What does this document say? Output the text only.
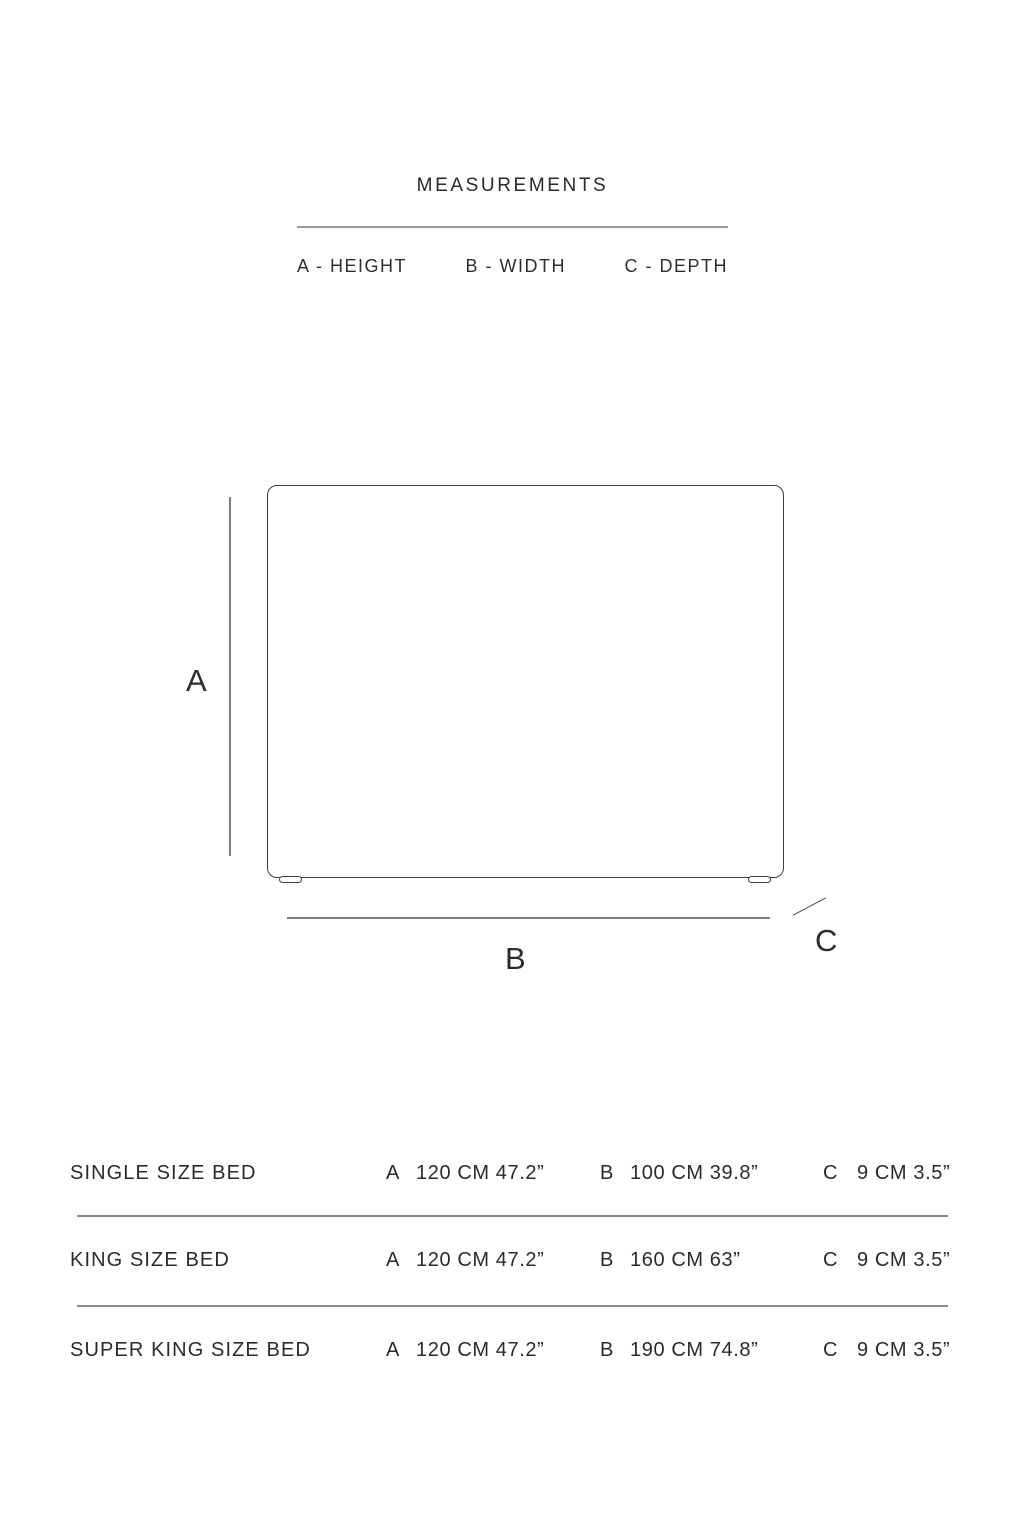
MEASUREMENTS
A - HEIGHT	B - WIDTH	C - DEPTH
A
B
C
SINGLE SIZE BED	A 120 CM 47.2”	B 100 CM 39.8”	C 9 CM 3.5”
KING SIZE BED	A 120 CM 47.2”	B 160 CM 63”	C 9 CM 3.5”
SUPER KING SIZE BED	A 120 CM 47.2”	B 190 CM 74.8”	C 9 CM 3.5”
